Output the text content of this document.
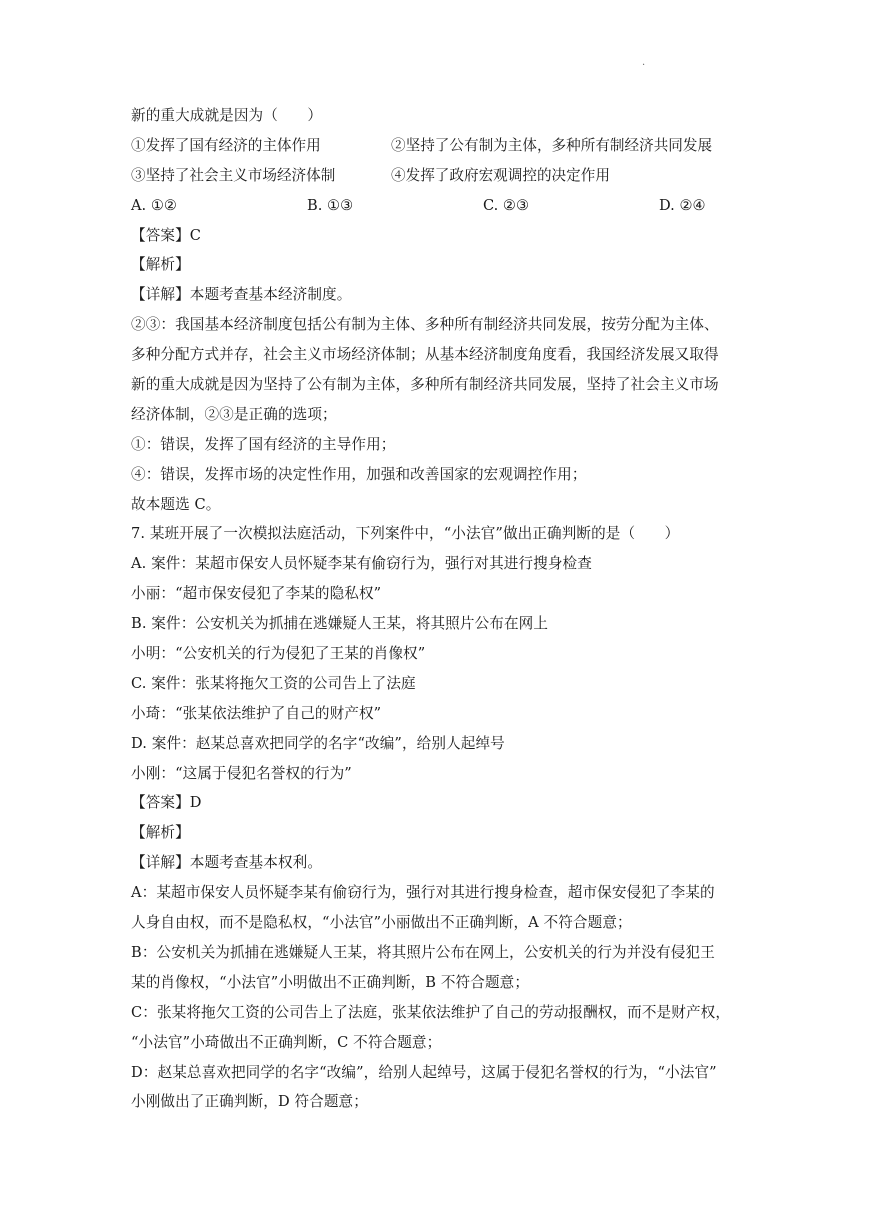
.
新的重大成就是因为（　　）
①发挥了国有经济的主体作用	②坚持了公有制为主体，多种所有制经济共同发展
③坚持了社会主义市场经济体制	④发挥了政府宏观调控的决定作用
A. ①②	B. ①③	C. ②③	D. ②④
【答案】C
【解析】
【详解】本题考查基本经济制度。
②③：我国基本经济制度包括公有制为主体、多种所有制经济共同发展，按劳分配为主体、
多种分配方式并存，社会主义市场经济体制；从基本经济制度角度看，我国经济发展又取得
新的重大成就是因为坚持了公有制为主体，多种所有制经济共同发展，坚持了社会主义市场
经济体制，②③是正确的选项；
①：错误，发挥了国有经济的主导作用；
④：错误，发挥市场的决定性作用，加强和改善国家的宏观调控作用；
故本题选 C。
7. 某班开展了一次模拟法庭活动，下列案件中，“小法官”做出正确判断的是（　　）
A. 案件：某超市保安人员怀疑李某有偷窃行为，强行对其进行搜身检查
小丽：“超市保安侵犯了李某的隐私权”
B. 案件：公安机关为抓捕在逃嫌疑人王某，将其照片公布在网上
小明：“公安机关的行为侵犯了王某的肖像权”
C. 案件：张某将拖欠工资的公司告上了法庭
小琦：“张某依法维护了自己的财产权”
D. 案件：赵某总喜欢把同学的名字“改编”，给别人起绰号
小刚：“这属于侵犯名誉权的行为”
【答案】D
【解析】
【详解】本题考查基本权利。
A：某超市保安人员怀疑李某有偷窃行为，强行对其进行搜身检查，超市保安侵犯了李某的
人身自由权，而不是隐私权，“小法官”小丽做出不正确判断，A 不符合题意；
B：公安机关为抓捕在逃嫌疑人王某，将其照片公布在网上，公安机关的行为并没有侵犯王
某的肖像权，“小法官”小明做出不正确判断，B 不符合题意；
C：张某将拖欠工资的公司告上了法庭，张某依法维护了自己的劳动报酬权，而不是财产权，
“小法官”小琦做出不正确判断，C 不符合题意；
D：赵某总喜欢把同学的名字“改编”，给别人起绰号，这属于侵犯名誉权的行为，“小法官”
小刚做出了正确判断，D 符合题意；
